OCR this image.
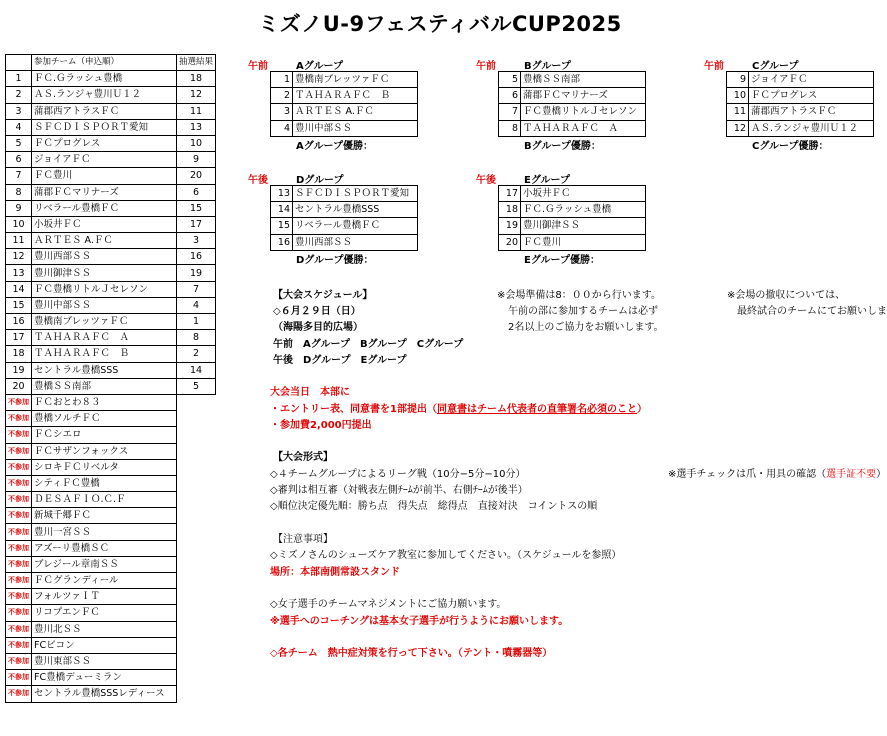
ミズノU-9フェスティバルCUP2025
	参加チーム（申込順）	抽選結果
1	ＦＣ.Ｇラッシュ豊橋	18
2	ＡＳ.ランジャ豊川Ｕ１２	12
3	蒲郡西アトラスＦＣ	11
4	ＳＦＣＤＩＳＰＯＲＴ愛知	13
5	ＦＣプログレス	10
6	ジョイアＦＣ	9
7	ＦＣ豊川	20
8	蒲郡ＦＣマリナーズ	6
9	リベラール豊橋ＦＣ	15
10	小坂井ＦＣ	17
11	ＡＲＴＥＳ A.ＦＣ	3
12	豊川西部ＳＳ	16
13	豊川御津ＳＳ	19
14	ＦＣ豊橋リトルＪセレソン	7
15	豊川中部ＳＳ	4
16	豊橋南ブレッツァＦＣ	1
17	ＴＡＨＡＲＡＦＣ　Ａ	8
18	ＴＡＨＡＲＡＦＣ　Ｂ	2
19	セントラル豊橋SSS	14
20	豊橋ＳＳ南部	5
不参加	ＦＣおとわ８３	
不参加	豊橋ソルチＦＣ	
不参加	ＦＣシエロ	
不参加	ＦＣサザンフォックス	
不参加	シロキＦＣリベルタ	
不参加	シティＦＣ豊橋	
不参加	ＤＥＳＡＦＩＯ.Ｃ.Ｆ	
不参加	新城千郷ＦＣ	
不参加	豊川一宮ＳＳ	
不参加	アズーリ豊橋ＳＣ	
不参加	ブレジール章南ＳＳ	
不参加	ＦＣグランディール	
不参加	フォルツァＩＴ	
不参加	リコプエンＦＣ	
不参加	豊川北ＳＳ	
不参加	FCビコン	
不参加	豊川東部ＳＳ	
不参加	FC豊橋デューミラン	
不参加	セントラル豊橋SSSレディース	
午前	Aグループ
1	豊橋南ブレッツァＦＣ
2	ＴＡＨＡＲＡＦＣ　Ｂ
3	ＡＲＴＥＳ A.ＦＣ
4	豊川中部ＳＳ
Aグループ優勝：
午前	Bグループ
5	豊橋ＳＳ南部
6	蒲郡ＦＣマリナーズ
7	ＦＣ豊橋リトルＪセレソン
8	ＴＡＨＡＲＡＦＣ　Ａ
Bグループ優勝：
午前	Cグループ
9	ジョイアＦＣ
10	ＦＣプログレス
11	蒲郡西アトラスＦＣ
12	ＡＳ.ランジャ豊川Ｕ１２
Cグループ優勝：
午後	Dグループ
13	ＳＦＣＤＩＳＰＯＲＴ愛知
14	セントラル豊橋SSS
15	リベラール豊橋ＦＣ
16	豊川西部ＳＳ
Dグループ優勝：
午後	Eグループ
17	小坂井ＦＣ
18	ＦＣ.Ｇラッシュ豊橋
19	豊川御津ＳＳ
20	ＦＣ豊川
Eグループ優勝：
【大会スケジュール】
◇６月２９日（日）
（海陽多目的広場）
午前　Aグループ　Bグループ　Cグループ
午後　Dグループ　Eグループ
※会場準備は8：００から行います。
午前の部に参加するチームは必ず
2名以上のご協力をお願いします。
※会場の撤収については、
最終試合のチームにてお願いしま
大会当日　本部に
・エントリー表、同意書を1部提出（同意書はチーム代表者の直筆署名必須のこと）
・参加費2,000円提出
【大会形式】
◇４チームグループによるリーグ戦（10分−5分−10分）
◇審判は相互審（対戦表左側ﾁｰﾑが前半、右側ﾁｰﾑが後半）
◇順位決定優先順：勝ち点　得失点　総得点　直接対決　コイントスの順
※選手チェックは爪・用具の確認（選手証不要）
【注意事項】
◇ミズノさんのシューズケア教室に参加してください。（スケジュールを参照）
場所：本部南側常設スタンド
◇女子選手のチームマネジメントにご協力願います。
※選手へのコーチングは基本女子選手が行うようにお願いします。
◇各チーム　熱中症対策を行って下さい。（テント・噴霧器等）
